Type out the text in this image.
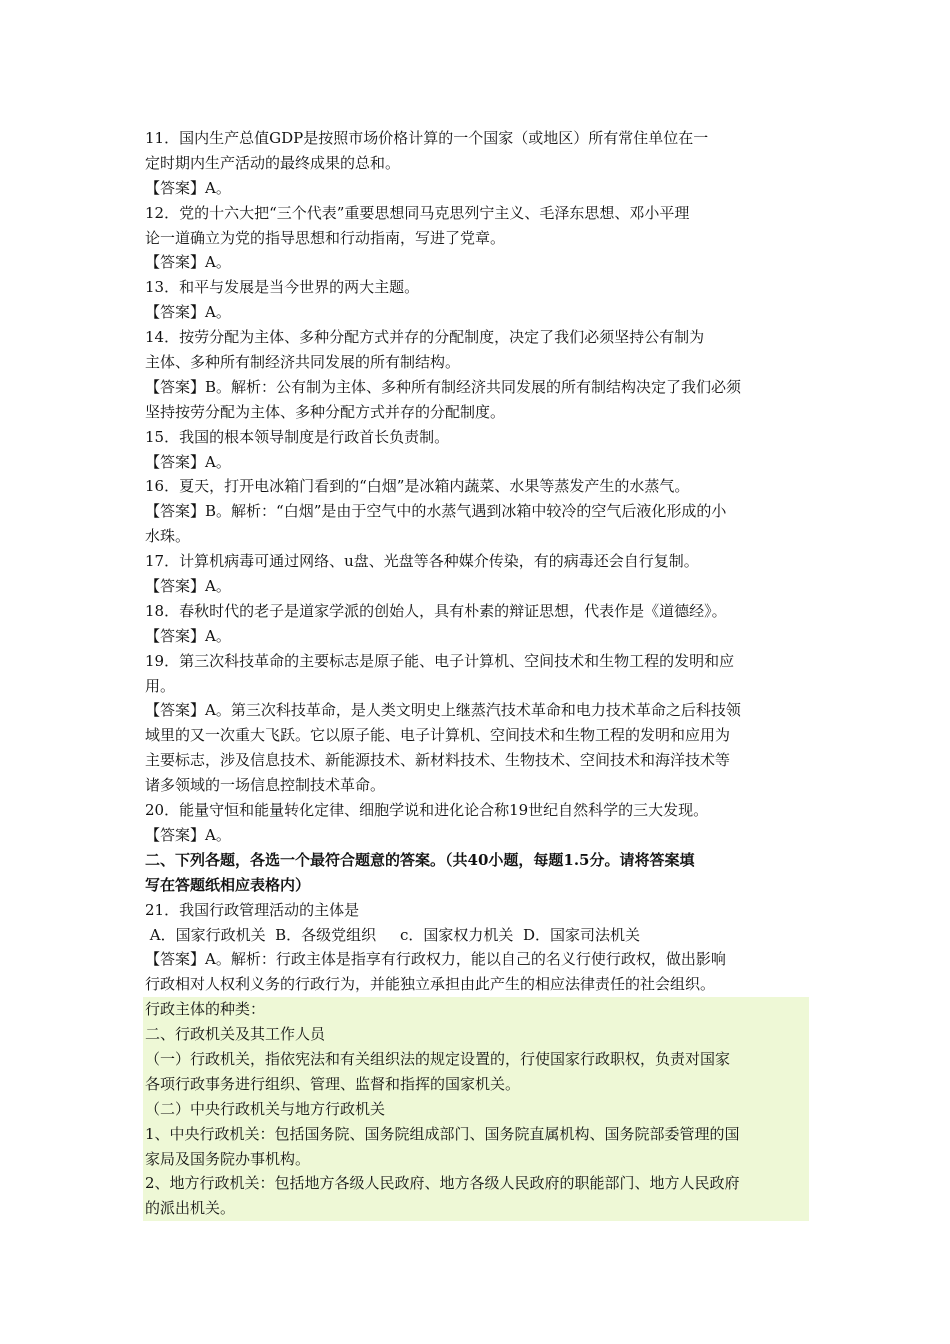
11．国内生产总值GDP是按照市场价格计算的一个国家（或地区）所有常住单位在一
定时期内生产活动的最终成果的总和。
【答案】A。
12．党的十六大把“三个代表”重要思想同马克思列宁主义、毛泽东思想、邓小平理
论一道确立为党的指导思想和行动指南，写进了党章。
【答案】A。
13．和平与发展是当今世界的两大主题。
【答案】A。
14．按劳分配为主体、多种分配方式并存的分配制度，决定了我们必须坚持公有制为
主体、多种所有制经济共同发展的所有制结构。
【答案】B。解析：公有制为主体、多种所有制经济共同发展的所有制结构决定了我们必须
坚持按劳分配为主体、多种分配方式并存的分配制度。
15．我国的根本领导制度是行政首长负责制。
【答案】A。
16．夏天，打开电冰箱门看到的“白烟”是冰箱内蔬菜、水果等蒸发产生的水蒸气。
【答案】B。解析：“白烟”是由于空气中的水蒸气遇到冰箱中较冷的空气后液化形成的小
水珠。
17．计算机病毒可通过网络、u盘、光盘等各种媒介传染，有的病毒还会自行复制。
【答案】A。
18．春秋时代的老子是道家学派的创始人，具有朴素的辩证思想，代表作是《道德经》。
【答案】A。
19．第三次科技革命的主要标志是原子能、电子计算机、空间技术和生物工程的发明和应
用。
【答案】A。第三次科技革命，是人类文明史上继蒸汽技术革命和电力技术革命之后科技领
域里的又一次重大飞跃。它以原子能、电子计算机、空间技术和生物工程的发明和应用为
主要标志，涉及信息技术、新能源技术、新材料技术、生物技术、空间技术和海洋技术等
诸多领域的一场信息控制技术革命。
20．能量守恒和能量转化定律、细胞学说和进化论合称19世纪自然科学的三大发现。
【答案】A。
二、下列各题，各选一个最符合题意的答案。（共40小题，每题1.5分。请将答案填
写在答题纸相应表格内）
21．我国行政管理活动的主体是
A．国家行政机关  B．各级党组织     c．国家权力机关  D．国家司法机关
【答案】A。解析：行政主体是指享有行政权力，能以自己的名义行使行政权，做出影响
行政相对人权利义务的行政行为，并能独立承担由此产生的相应法律责任的社会组织。
行政主体的种类：
二、行政机关及其工作人员
（一）行政机关，指依宪法和有关组织法的规定设置的，行使国家行政职权，负责对国家
各项行政事务进行组织、管理、监督和指挥的国家机关。
（二）中央行政机关与地方行政机关
1、中央行政机关：包括国务院、国务院组成部门、国务院直属机构、国务院部委管理的国
家局及国务院办事机构。
2、地方行政机关：包括地方各级人民政府、地方各级人民政府的职能部门、地方人民政府
的派出机关。
